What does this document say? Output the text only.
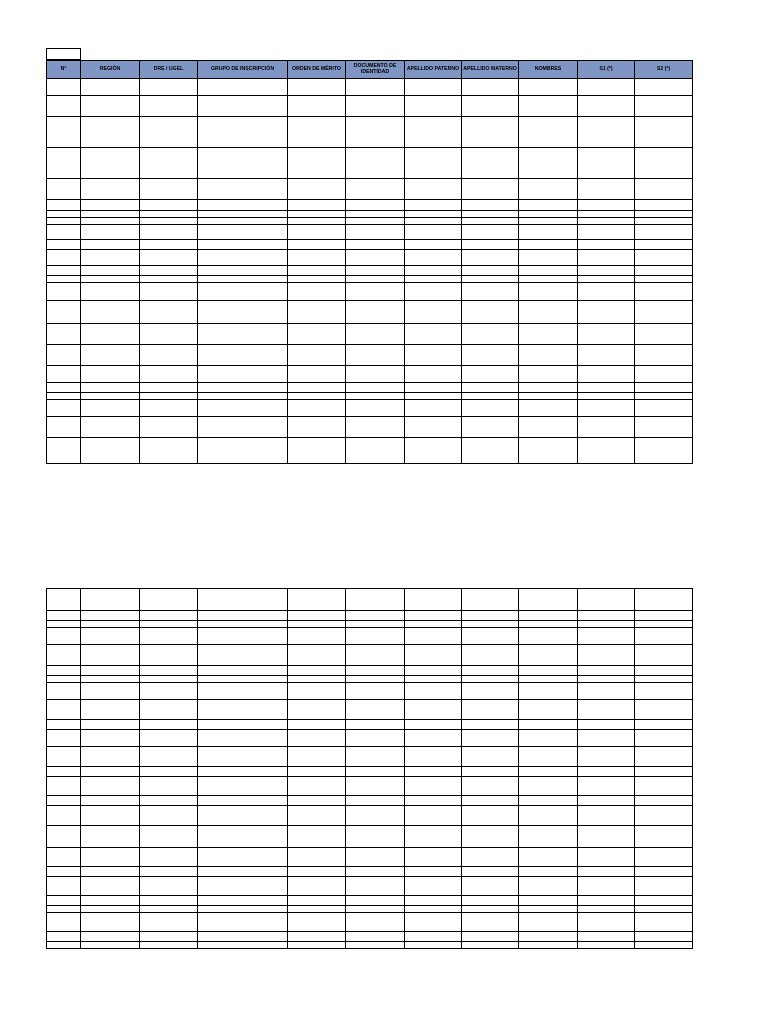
N°	REGIÓN	DRE / UGEL	GRUPO DE INSCRIPCIÓN	ORDEN DE MÉRITO	DOCUMENTO DE IDENTIDAD	APELLIDO PATERNO	APELLIDO MATERNO	NOMBRES	S1 (*)	S2 (*)
